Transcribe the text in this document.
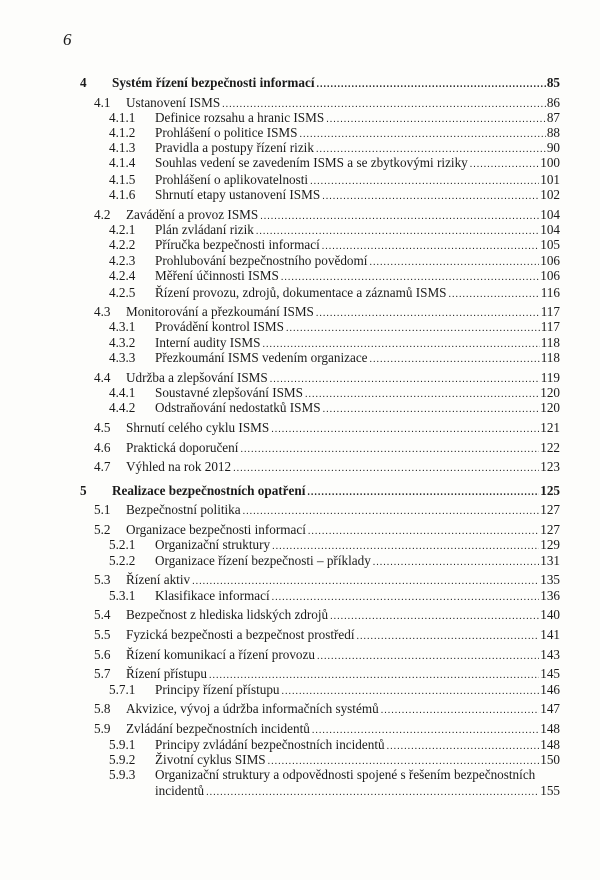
6
4 Systém řízení bezpečnosti informací .....	85
4.1 Ustanovení ISMS .....	86
4.1.1 Definice rozsahu a hranic ISMS .....	87
4.1.2 Prohlášení o politice ISMS .....	88
4.1.3 Pravidla a postupy řízení rizik .....	90
4.1.4 Souhlas vedení se zavedením ISMS a se zbytkovými riziky .....	100
4.1.5 Prohlášení o aplikovatelnosti .....	101
4.1.6 Shrnutí etapy ustanovení ISMS .....	102
4.2 Zavádění a provoz ISMS .....	104
4.2.1 Plán zvládaní rizik .....	104
4.2.2 Příručka bezpečnosti informací .....	105
4.2.3 Prohlubování bezpečnostního povědomí .....	106
4.2.4 Měření účinnosti ISMS .....	106
4.2.5 Řízení provozu, zdrojů, dokumentace a záznamů ISMS .....	116
4.3 Monitorování a přezkoumání ISMS .....	117
4.3.1 Provádění kontrol ISMS .....	117
4.3.2 Interní audity ISMS .....	118
4.3.3 Přezkoumání ISMS vedením organizace .....	118
4.4 Udržba a zlepšování ISMS .....	119
4.4.1 Soustavné zlepšování ISMS .....	120
4.4.2 Odstraňování nedostatků ISMS .....	120
4.5 Shrnutí celého cyklu ISMS .....	121
4.6 Praktická doporučení .....	122
4.7 Výhled na rok 2012 .....	123
5 Realizace bezpečnostních opatření .....	125
5.1 Bezpečnostní politika .....	127
5.2 Organizace bezpečnosti informací .....	127
5.2.1 Organizační struktury .....	129
5.2.2 Organizace řízení bezpečnosti – příklady .....	131
5.3 Řízení aktiv .....	135
5.3.1 Klasifikace informací .....	136
5.4 Bezpečnost z hlediska lidských zdrojů .....	140
5.5 Fyzická bezpečnosti a bezpečnost prostředí .....	141
5.6 Řízení komunikací a řízení provozu .....	143
5.7 Řízení přístupu .....	145
5.7.1 Principy řízení přístupu .....	146
5.8 Akvizice, vývoj a údržba informačních systémů .....	147
5.9 Zvládání bezpečnostních incidentů .....	148
5.9.1 Principy zvládání bezpečnostních incidentů .....	148
5.9.2 Životní cyklus SIMS .....	150
5.9.3 Organizační struktury a odpovědnosti spojené s řešením bezpečnostních
incidentů .....	155
